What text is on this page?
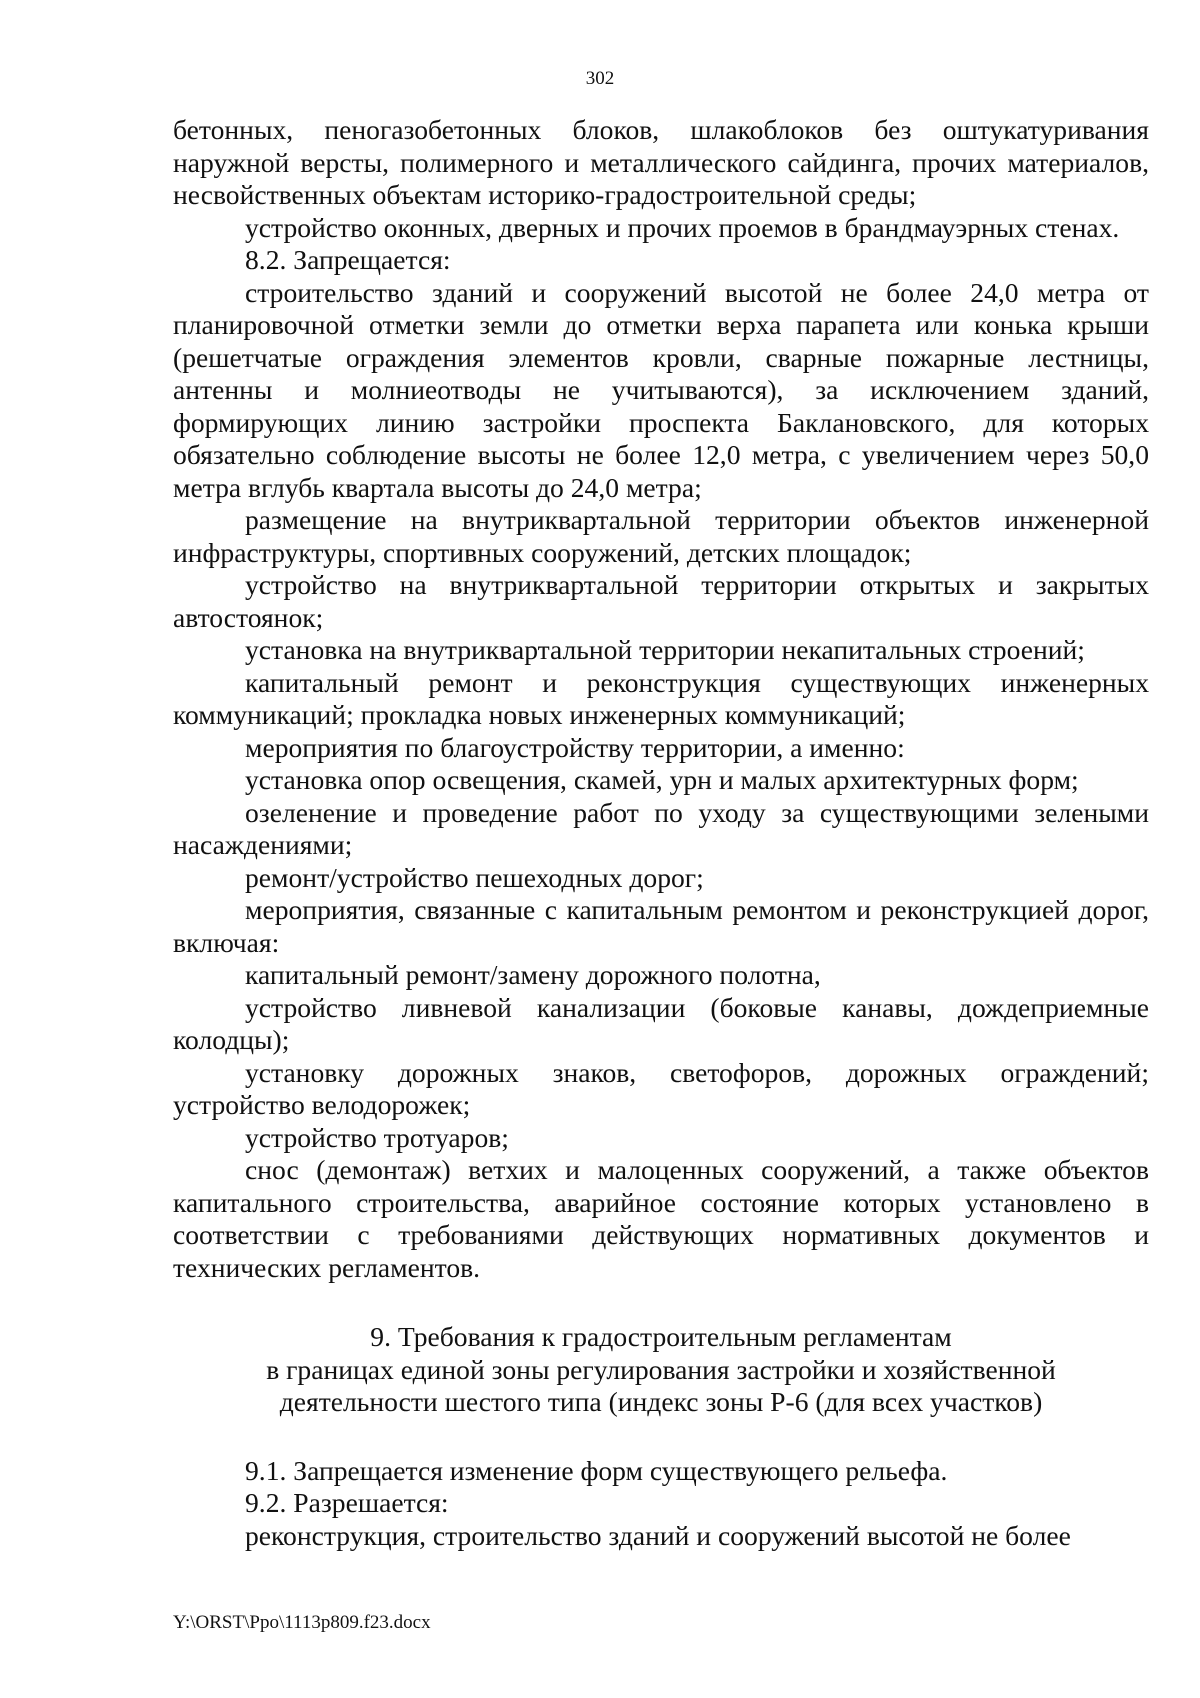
302

бетонных, пеногазобетонных блоков, шлакоблоков без оштукатуривания наружной версты, полимерного и металлического сайдинга, прочих материалов, несвойственных объектам историко-градостроительной среды;

устройство оконных, дверных и прочих проемов в брандмауэрных стенах.

8.2. Запрещается:

строительство зданий и сооружений высотой не более 24,0 метра от планировочной отметки земли до отметки верха парапета или конька крыши (решетчатые ограждения элементов кровли, сварные пожарные лестницы, антенны и молниеотводы не учитываются), за исключением зданий, формирующих линию застройки проспекта Баклановского, для которых обязательно соблюдение высоты не более 12,0 метра, с увеличением через 50,0 метра вглубь квартала высоты до 24,0 метра;

размещение на внутриквартальной территории объектов инженерной инфраструктуры, спортивных сооружений, детских площадок;

устройство на внутриквартальной территории открытых и закрытых автостоянок;

установка на внутриквартальной территории некапитальных строений;

капитальный ремонт и реконструкция существующих инженерных коммуникаций; прокладка новых инженерных коммуникаций;

мероприятия по благоустройству территории, а именно:

установка опор освещения, скамей, урн и малых архитектурных форм;

озеленение и проведение работ по уходу за существующими зелеными насаждениями;

ремонт/устройство пешеходных дорог;

мероприятия, связанные с капитальным ремонтом и реконструкцией дорог, включая:

капитальный ремонт/замену дорожного полотна,

устройство ливневой канализации (боковые канавы, дождеприемные колодцы);

установку дорожных знаков, светофоров, дорожных ограждений; устройство велодорожек;

устройство тротуаров;

снос (демонтаж) ветхих и малоценных сооружений, а также объектов капитального строительства, аварийное состояние которых установлено в соответствии с требованиями действующих нормативных документов и технических регламентов.

9. Требования к градостроительным регламентам
в границах единой зоны регулирования застройки и хозяйственной
деятельности шестого типа (индекс зоны Р-6 (для всех участков)

9.1. Запрещается изменение форм существующего рельефа.

9.2. Разрешается:

реконструкция, строительство зданий и сооружений высотой не более

Y:\ORST\Ppo\1113p809.f23.docx
